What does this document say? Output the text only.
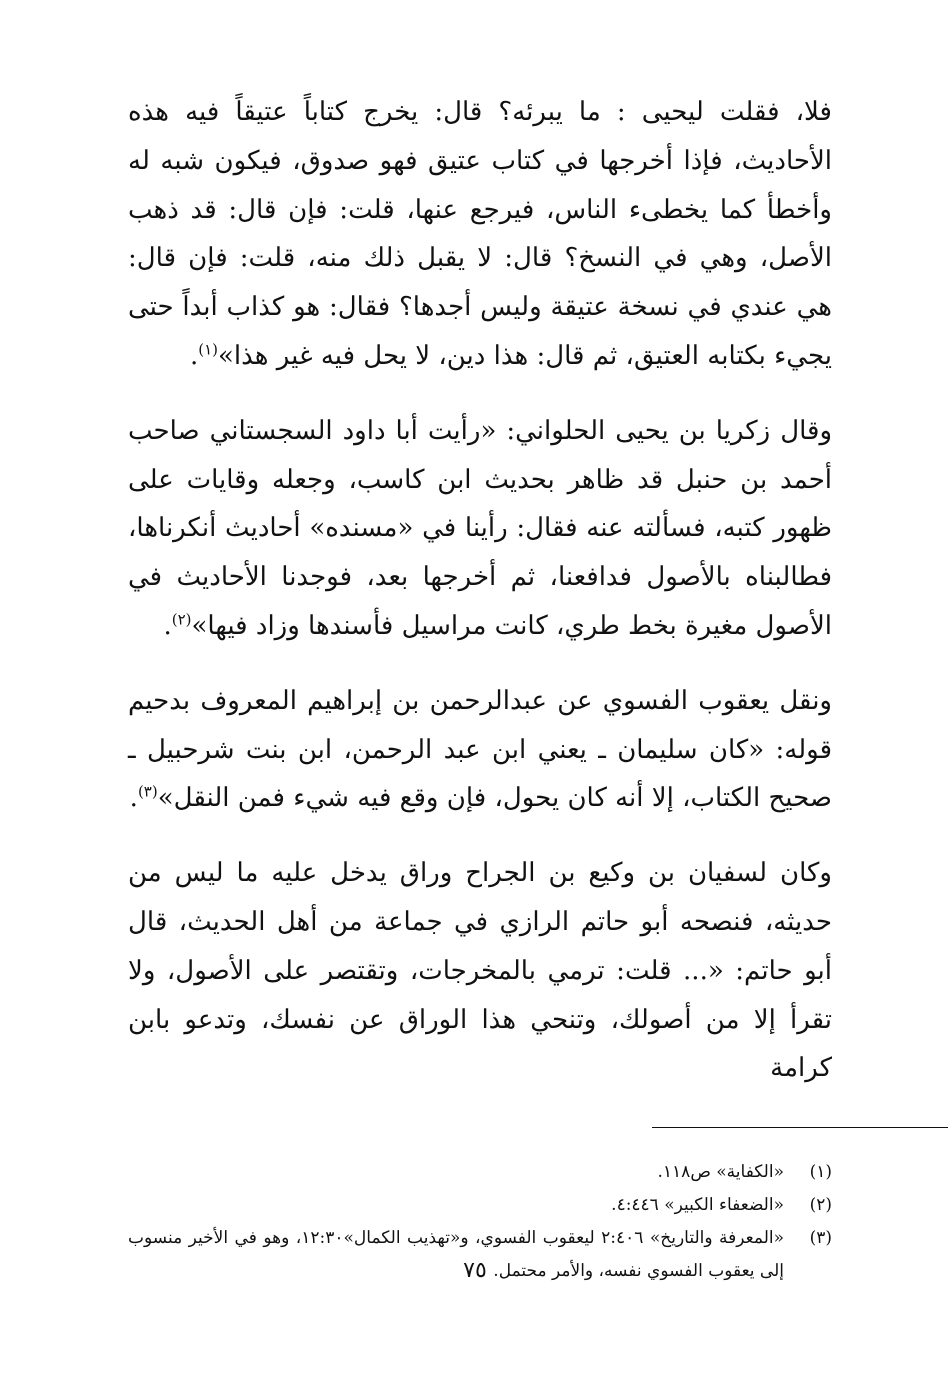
فلا، فقلت ليحيى : ما يبرئه؟ قال: يخرج كتاباً عتيقاً فيه هذه الأحاديث، فإذا أخرجها في كتاب عتيق فهو صدوق، فيكون شبه له وأخطأ كما يخطىء الناس، فيرجع عنها، قلت: فإن قال: قد ذهب الأصل، وهي في النسخ؟ قال: لا يقبل ذلك منه، قلت: فإن قال: هي عندي في نسخة عتيقة وليس أجدها؟ فقال: هو كذاب أبداً حتى يجيء بكتابه العتيق، ثم قال: هذا دين، لا يحل فيه غير هذا»$^{(١)}$.

وقال زكريا بن يحيى الحلواني: «رأيت أبا داود السجستاني صاحب أحمد بن حنبل قد ظاهر بحديث ابن كاسب، وجعله وقايات على ظهور كتبه، فسألته عنه فقال: رأينا في «مسنده» أحاديث أنكرناها، فطالبناه بالأصول فدافعنا، ثم أخرجها بعد، فوجدنا الأحاديث في الأصول مغيرة بخط طري، كانت مراسيل فأسندها وزاد فيها»$^{(٢)}$.

ونقل يعقوب الفسوي عن عبدالرحمن بن إبراهيم المعروف بدحيم قوله: «كان سليمان ـ يعني ابن عبد الرحمن، ابن بنت شرحبيل ـ صحيح الكتاب، إلا أنه كان يحول، فإن وقع فيه شيء فمن النقل»$^{(٣)}$.

وكان لسفيان بن وكيع بن الجراح وراق يدخل عليه ما ليس من حديثه، فنصحه أبو حاتم الرازي في جماعة من أهل الحديث، قال أبو حاتم: «... قلت: ترمي بالمخرجات، وتقتصر على الأصول، ولا تقرأ إلا من أصولك، وتنحي هذا الوراق عن نفسك، وتدعو بابن كرامة

(١)
«الكفاية» ص١١٨.
(٢)
«الضعفاء الكبير» ٤:٤٤٦.
(٣)
«المعرفة والتاريخ» ٢:٤٠٦ ليعقوب الفسوي، و«تهذيب الكمال»١٢:٣٠، وهو في الأخير منسوب إلى يعقوب الفسوي نفسه، والأمر محتمل.
٧٥
